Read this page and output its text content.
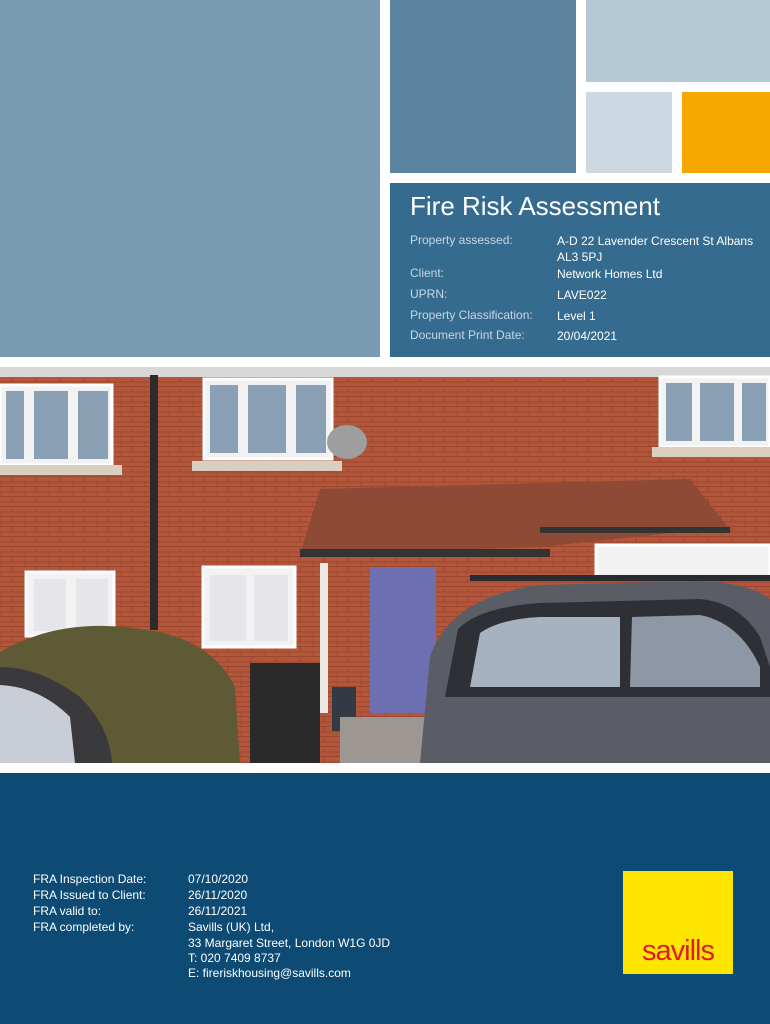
Fire Risk Assessment
Property assessed:	A-D 22 Lavender Crescent St Albans AL3 5PJ
Client:	Network Homes Ltd
UPRN:	LAVE022
Property Classification: Level 1
Document Print Date:	20/04/2021
FRA Inspection Date:	07/10/2020
FRA Issued to Client:	26/11/2020
FRA valid to:	26/11/2021
FRA completed by:	Savills (UK) Ltd,
33 Margaret Street, London W1G 0JD
T: 020 7409 8737
E: fireriskhousing@savills.com
savills
